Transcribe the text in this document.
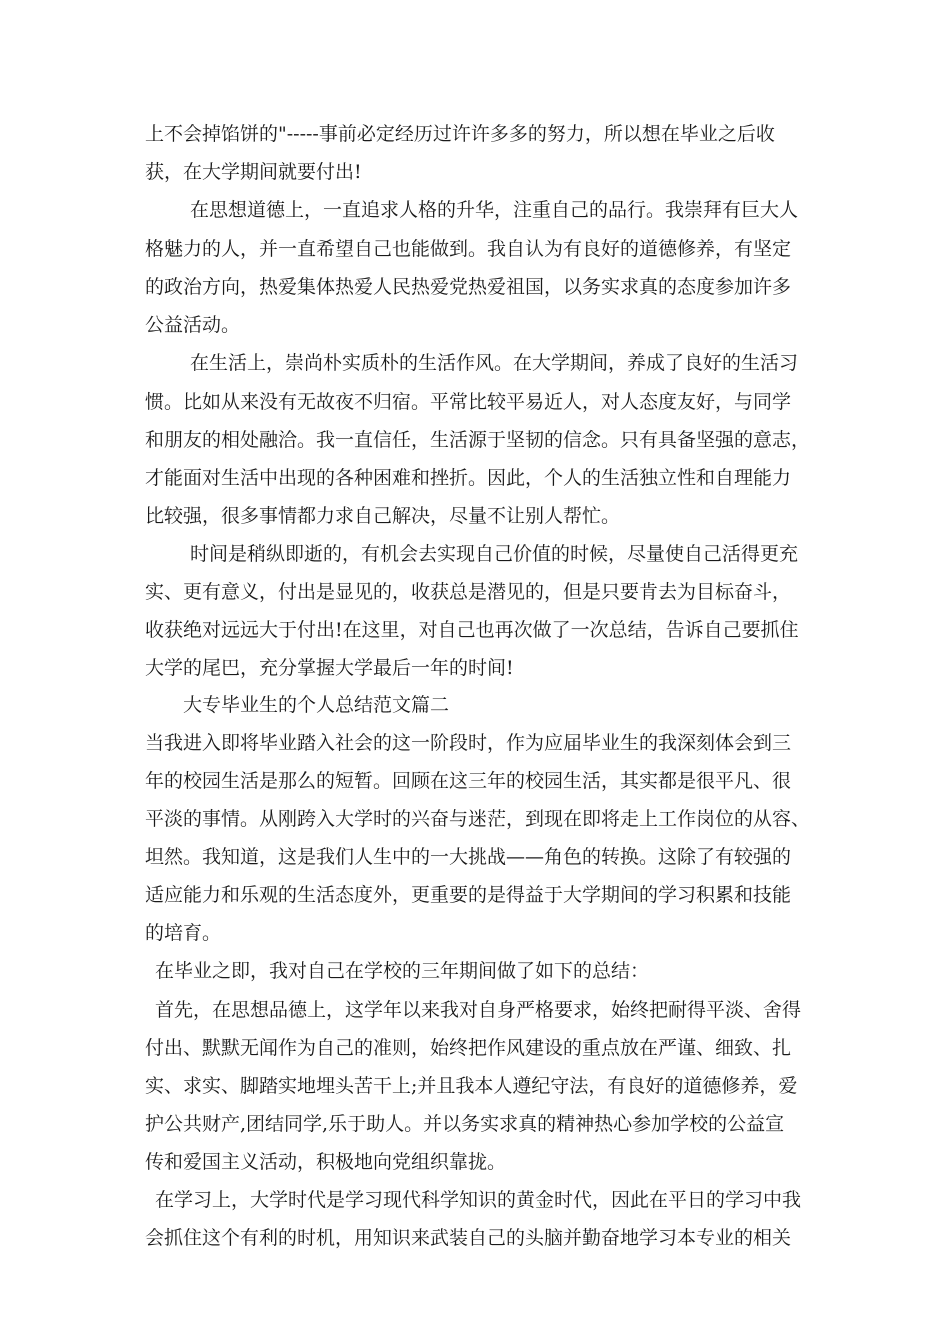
上不会掉馅饼的"-----事前必定经历过许许多多的努力，所以想在毕业之后收
获，在大学期间就要付出!
在思想道德上，一直追求人格的升华，注重自己的品行。我崇拜有巨大人
格魅力的人，并一直希望自己也能做到。我自认为有良好的道德修养，有坚定
的政治方向，热爱集体热爱人民热爱党热爱祖国，以务实求真的态度参加许多
公益活动。
在生活上，崇尚朴实质朴的生活作风。在大学期间，养成了良好的生活习
惯。比如从来没有无故夜不归宿。平常比较平易近人，对人态度友好，与同学
和朋友的相处融洽。我一直信任，生活源于坚韧的信念。只有具备坚强的意志，
才能面对生活中出现的各种困难和挫折。因此，个人的生活独立性和自理能力
比较强，很多事情都力求自己解决，尽量不让别人帮忙。
时间是稍纵即逝的，有机会去实现自己价值的时候，尽量使自己活得更充
实、更有意义，付出是显见的，收获总是潜见的，但是只要肯去为目标奋斗，
收获绝对远远大于付出!在这里，对自己也再次做了一次总结，告诉自己要抓住
大学的尾巴，充分掌握大学最后一年的时间!
大专毕业生的个人总结范文篇二
当我进入即将毕业踏入社会的这一阶段时，作为应届毕业生的我深刻体会到三
年的校园生活是那么的短暂。回顾在这三年的校园生活，其实都是很平凡、很
平淡的事情。从刚跨入大学时的兴奋与迷茫，到现在即将走上工作岗位的从容、
坦然。我知道，这是我们人生中的一大挑战——角色的转换。这除了有较强的
适应能力和乐观的生活态度外，更重要的是得益于大学期间的学习积累和技能
的培育。
在毕业之即，我对自己在学校的三年期间做了如下的总结：
首先，在思想品德上，这学年以来我对自身严格要求，始终把耐得平淡、舍得
付出、默默无闻作为自己的准则，始终把作风建设的重点放在严谨、细致、扎
实、求实、脚踏实地埋头苦干上;并且我本人遵纪守法，有良好的道德修养，爱
护公共财产,团结同学,乐于助人。并以务实求真的精神热心参加学校的公益宣
传和爱国主义活动，积极地向党组织靠拢。
在学习上，大学时代是学习现代科学知识的黄金时代，因此在平日的学习中我
会抓住这个有利的时机，用知识来武装自己的头脑并勤奋地学习本专业的相关
